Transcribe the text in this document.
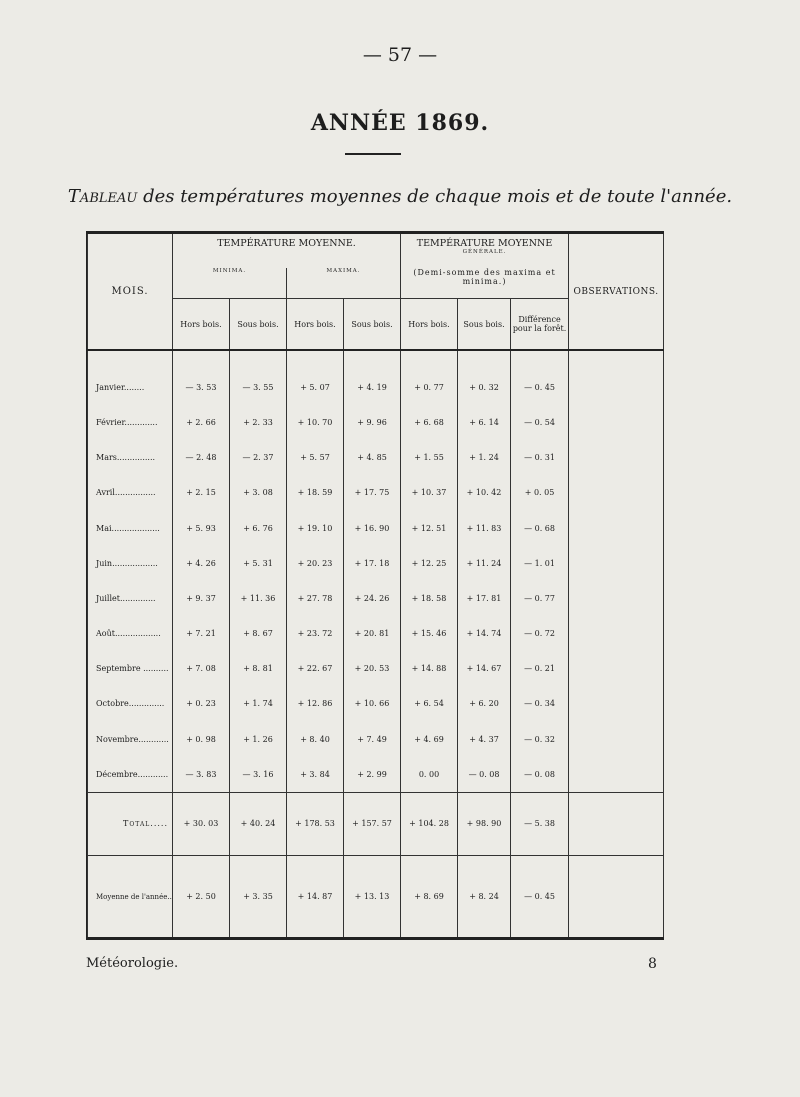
— 57 —
ANNÉE 1869.
Tableau des températures moyennes de chaque mois et de toute l'année.
MOIS.	TEMPÉRATURE MOYENNE.				TEMPÉRATURE MOYENNE
$^{GÉNÉRALE.}$			OBSERVATIONS.
	MINIMA.		MAXIMA.		(Demi-somme des maxima et minima.)			
	Hors bois.	Sous bois.	Hors bois.	Sous bois.	Hors bois.	Sous bois.	Différence pour la forêt.	

Janvier........	— 3. 53	— 3. 55	+ 5. 07	+ 4. 19	+ 0. 77	+ 0. 32	— 0. 45	
Février.............	+ 2. 66	+ 2. 33	+ 10. 70	+ 9. 96	+ 6. 68	+ 6. 14	— 0. 54	
Mars...............	— 2. 48	— 2. 37	+ 5. 57	+ 4. 85	+ 1. 55	+ 1. 24	— 0. 31	
Avril................	+ 2. 15	+ 3. 08	+ 18. 59	+ 17. 75	+ 10. 37	+ 10. 42	+ 0. 05	
Mai...................	+ 5. 93	+ 6. 76	+ 19. 10	+ 16. 90	+ 12. 51	+ 11. 83	— 0. 68	
Juin..................	+ 4. 26	+ 5. 31	+ 20. 23	+ 17. 18	+ 12. 25	+ 11. 24	— 1. 01	
Juillet..............	+ 9. 37	+ 11. 36	+ 27. 78	+ 24. 26	+ 18. 58	+ 17. 81	— 0. 77	
Août..................	+ 7. 21	+ 8. 67	+ 23. 72	+ 20. 81	+ 15. 46	+ 14. 74	— 0. 72	
Septembre ..........	+ 7. 08	+ 8. 81	+ 22. 67	+ 20. 53	+ 14. 88	+ 14. 67	— 0. 21	
Octobre..............	+ 0. 23	+ 1. 74	+ 12. 86	+ 10. 66	+ 6. 54	+ 6. 20	— 0. 34	
Novembre............	+ 0. 98	+ 1. 26	+ 8. 40	+ 7. 49	+ 4. 69	+ 4. 37	— 0. 32	
Décembre............	— 3. 83	— 3. 16	+ 3. 84	+ 2. 99	0. 00	— 0. 08	— 0. 08	
Total.....	+ 30. 03	+ 40. 24	+ 178. 53	+ 157. 57	+ 104. 28	+ 98. 90	— 5. 38	
Moyenne de l'année..	+ 2. 50	+ 3. 35	+ 14. 87	+ 13. 13	+ 8. 69	+ 8. 24	— 0. 45	
Météorologie.	8
